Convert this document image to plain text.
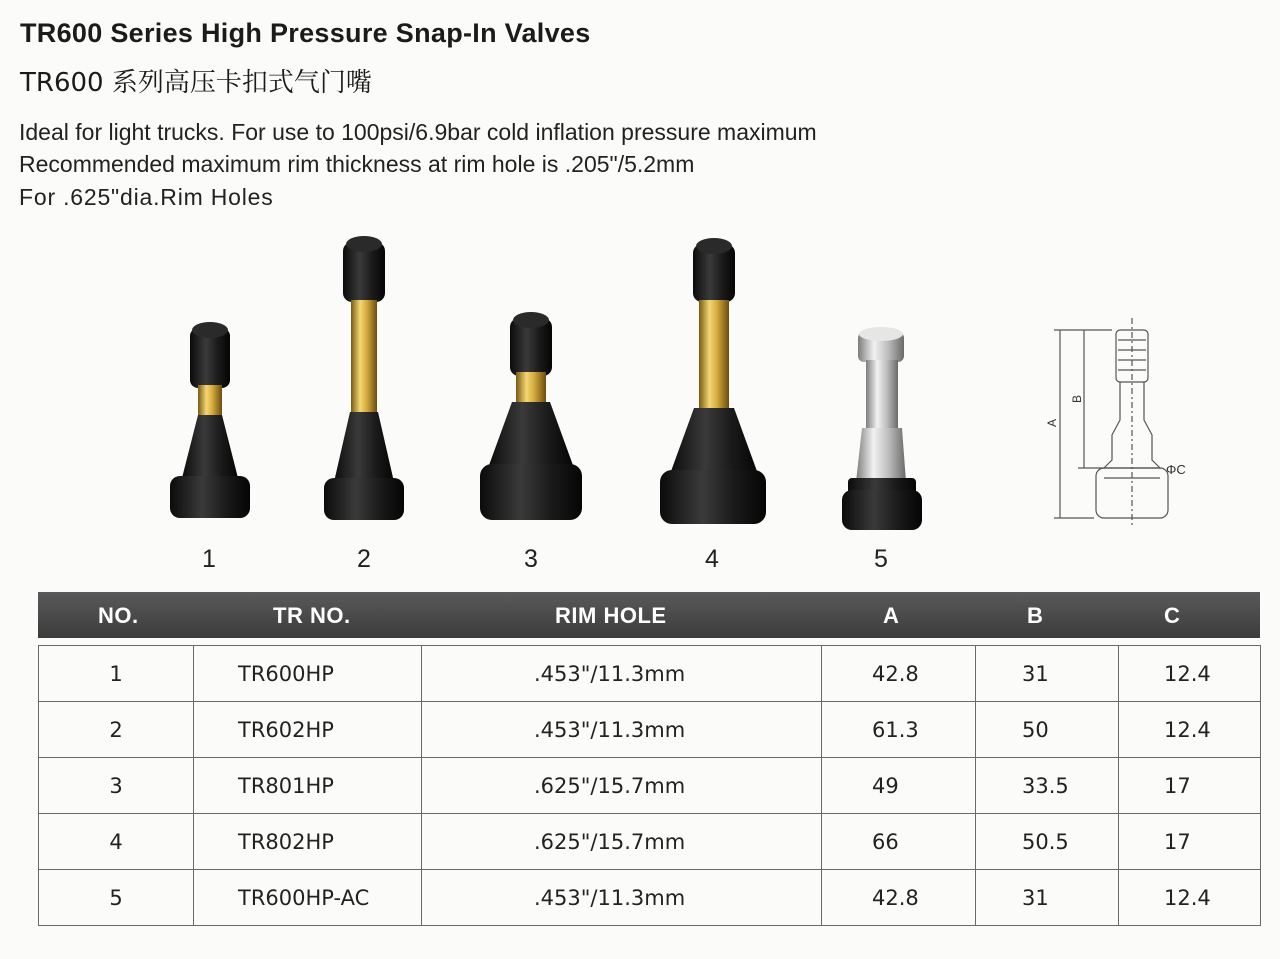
TR600 Series High Pressure Snap-In Valves
TR600 系列高压卡扣式气门嘴
Ideal for light trucks. For use to 100psi/6.9bar cold inflation pressure maximum
Recommended maximum rim thickness at rim hole is .205"/5.2mm
For .625"dia.Rim Holes
A
B
ΦC
1	2	3	4	5
NO.	TR NO.	RIM HOLE	A	B	C
1	TR600HP	.453"/11.3mm	42.8	31	12.4
2	TR602HP	.453"/11.3mm	61.3	50	12.4
3	TR801HP	.625"/15.7mm	49	33.5	17
4	TR802HP	.625"/15.7mm	66	50.5	17
5	TR600HP-AC	.453"/11.3mm	42.8	31	12.4
